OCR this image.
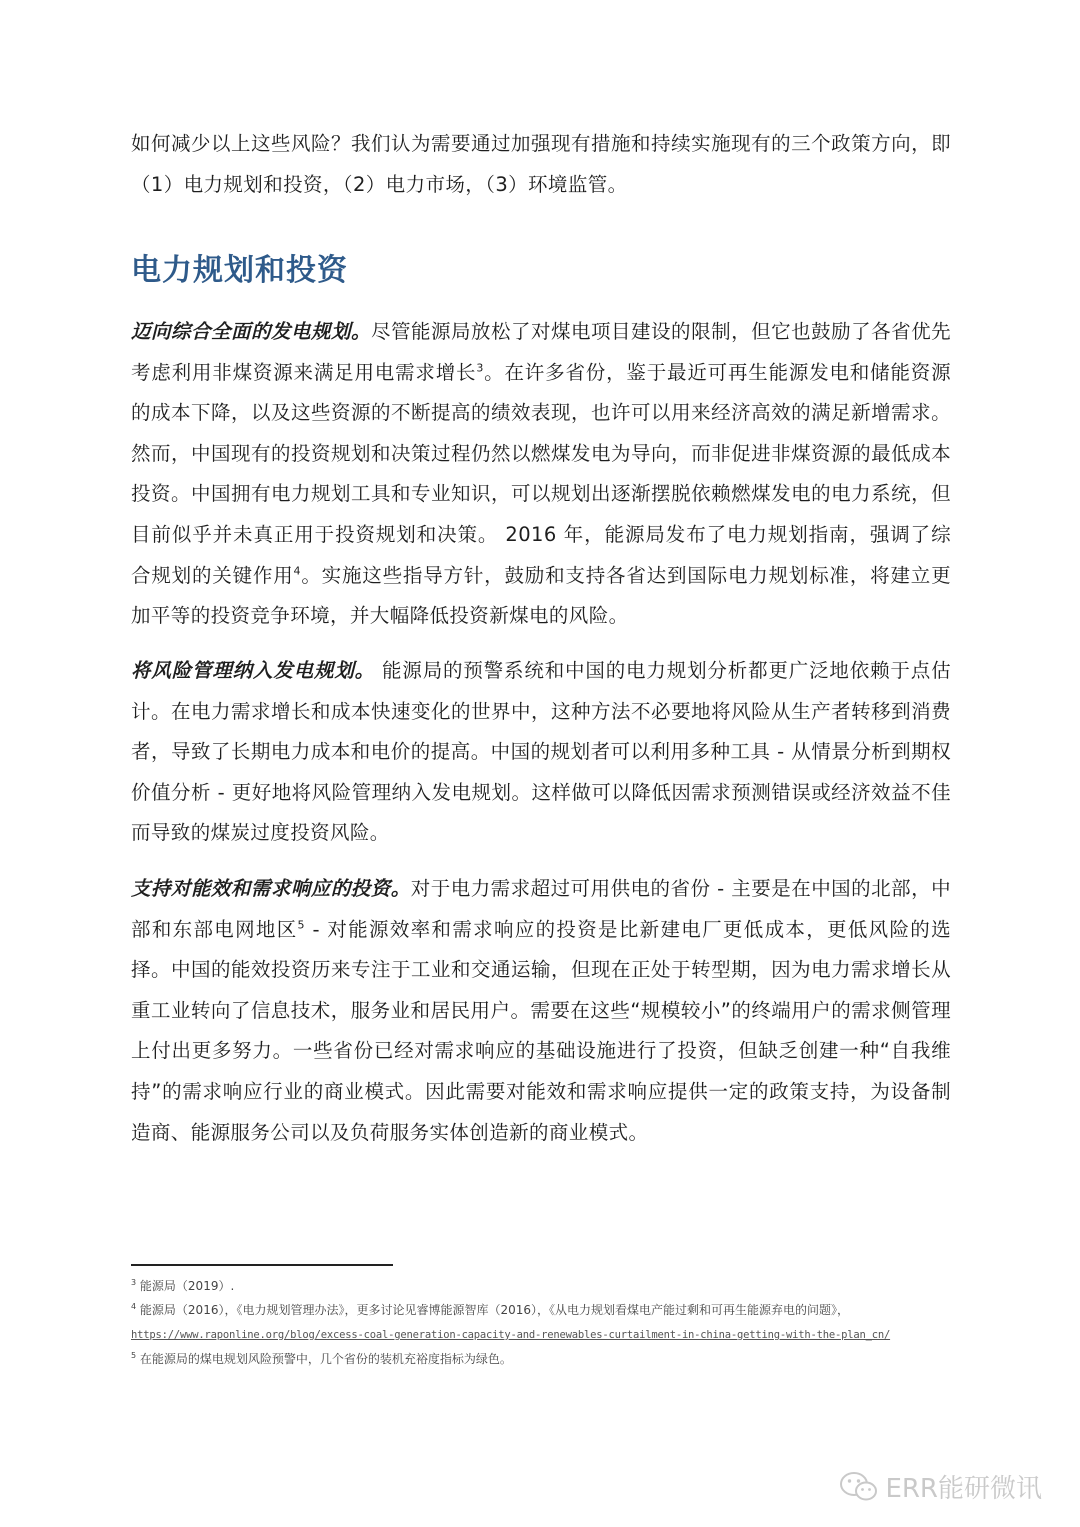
如何减少以上这些风险？我们认为需要通过加强现有措施和持续实施现有的三个政策方向，即（1）电力规划和投资，（2）电力市场，（3）环境监管。

电力规划和投资

迈向综合全面的发电规划。尽管能源局放松了对煤电项目建设的限制，但它也鼓励了各省优先考虑利用非煤资源来满足用电需求增长$^3$。在许多省份，鉴于最近可再生能源发电和储能资源的成本下降，以及这些资源的不断提高的绩效表现，也许可以用来经济高效的满足新增需求。然而，中国现有的投资规划和决策过程仍然以燃煤发电为导向，而非促进非煤资源的最低成本投资。中国拥有电力规划工具和专业知识，可以规划出逐渐摆脱依赖燃煤发电的电力系统，但目前似乎并未真正用于投资规划和决策。 2016 年，能源局发布了电力规划指南，强调了综合规划的关键作用$^4$。实施这些指导方针，鼓励和支持各省达到国际电力规划标准，将建立更加平等的投资竞争环境，并大幅降低投资新煤电的风险。

将风险管理纳入发电规划。 能源局的预警系统和中国的电力规划分析都更广泛地依赖于点估计。在电力需求增长和成本快速变化的世界中，这种方法不必要地将风险从生产者转移到消费者，导致了长期电力成本和电价的提高。中国的规划者可以利用多种工具 - 从情景分析到期权价值分析 - 更好地将风险管理纳入发电规划。这样做可以降低因需求预测错误或经济效益不佳而导致的煤炭过度投资风险。

支持对能效和需求响应的投资。对于电力需求超过可用供电的省份 - 主要是在中国的北部，中部和东部电网地区$^5$ - 对能源效率和需求响应的投资是比新建电厂更低成本，更低风险的选择。中国的能效投资历来专注于工业和交通运输，但现在正处于转型期，因为电力需求增长从重工业转向了信息技术，服务业和居民用户。需要在这些“规模较小”的终端用户的需求侧管理上付出更多努力。一些省份已经对需求响应的基础设施进行了投资，但缺乏创建一种“自我维持”的需求响应行业的商业模式。因此需要对能效和需求响应提供一定的政策支持，为设备制造商、能源服务公司以及负荷服务实体创造新的商业模式。

$^3$ 能源局（2019）.

$^4$ 能源局（2016），《电力规划管理办法》，更多讨论见睿博能源智库（2016），《从电力规划看煤电产能过剩和可再生能源弃电的问题》，

https://www.raponline.org/blog/excess-coal-generation-capacity-and-renewables-curtailment-in-china-getting-with-the-plan_cn/

$^5$ 在能源局的煤电规划风险预警中，几个省份的装机充裕度指标为绿色。

ERR能研微讯
